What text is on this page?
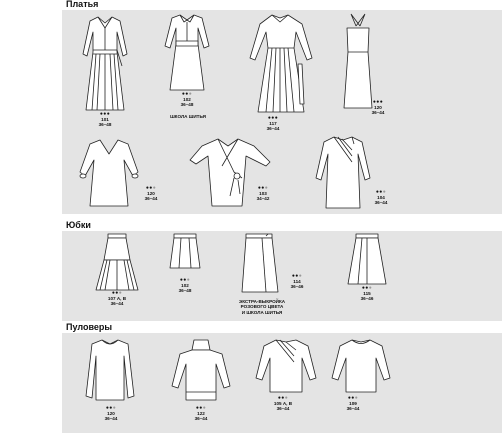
Платья
●●●
101
36–48
●●●
102
36–48
ШКОЛА ШИТЬЯ	●●●
117
36–44
●●●
120
36–44
●●●
120
36–44
●●●
103
34–42
●●●
104
36–44
Юбки
●●●
107 А, В
36–44
●●●
102
36–48
●●●
114
36–46
ЭКСТРА-ВЫКРОЙКА
РОЗОВОГО ЦВЕТА
И ШКОЛА ШИТЬЯ
●●●
115
36–46
Пуловеры
●●●
120
36–44
●●●
122
36–44
●●●
105 А, В
36–44
●●●
109
36–44
